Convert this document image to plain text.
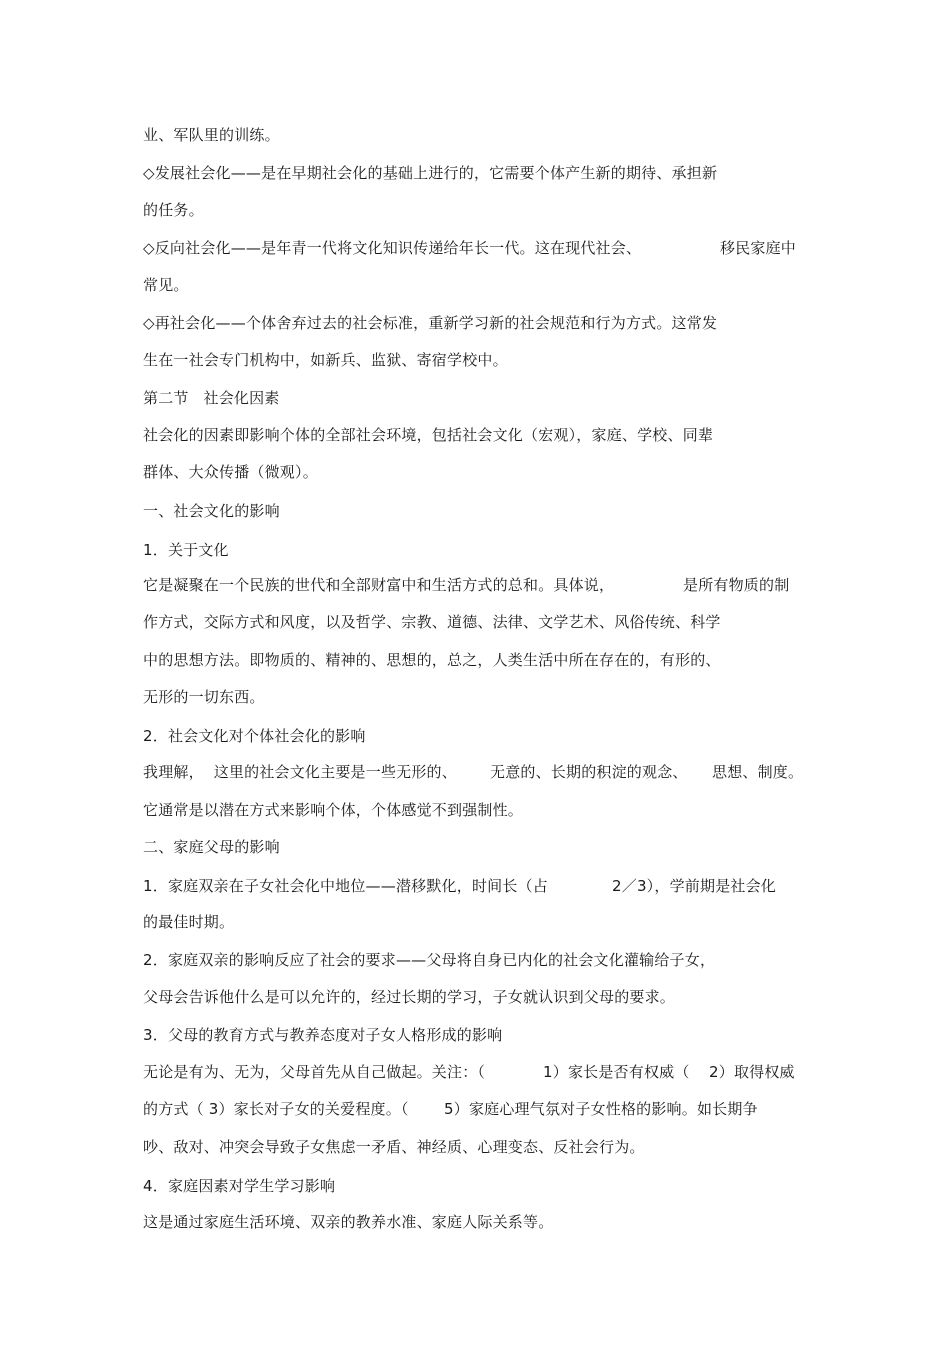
业、军队里的训练。
◇发展社会化——是在早期社会化的基础上进行的，它需要个体产生新的期待、承担新
的任务。
◇反向社会化——是年青一代将文化知识传递给年长一代。这在现代社会、	移民家庭中
常见。
◇再社会化——个体舍弃过去的社会标准，重新学习新的社会规范和行为方式。这常发
生在一社会专门机构中，如新兵、监狱、寄宿学校中。
第二节   社会化因素
社会化的因素即影响个体的全部社会环境，包括社会文化（宏观），家庭、学校、同辈
群体、大众传播（微观）。
一、社会文化的影响
1．关于文化
它是凝聚在一个民族的世代和全部财富中和生活方式的总和。具体说，	是所有物质的制
作方式，交际方式和风度，以及哲学、宗教、道德、法律、文学艺术、风俗传统、科学
中的思想方法。即物质的、精神的、思想的，总之，人类生活中所在存在的，有形的、
无形的一切东西。
2．社会文化对个体社会化的影响
我理解，  这里的社会文化主要是一些无形的、 无意的、长期的积淀的观念、 思想、制度。
它通常是以潜在方式来影响个体，个体感觉不到强制性。
二、家庭父母的影响
1．家庭双亲在子女社会化中地位——潜移默化，时间长（占	2／3），学前期是社会化
的最佳时期。
2．家庭双亲的影响反应了社会的要求——父母将自身已内化的社会文化灌输给子女，
父母会告诉他什么是可以允许的，经过长期的学习，子女就认识到父母的要求。
3．父母的教育方式与教养态度对子女人格形成的影响
无论是有为、无为，父母首先从自己做起。关注：（	1）家长是否有权威（ 2）取得权威
的方式（ 3）家长对子女的关爱程度。（ 5）家庭心理气氛对子女性格的影响。如长期争
吵、敌对、冲突会导致子女焦虑一矛盾、神经质、心理变态、反社会行为。
4．家庭因素对学生学习影响
这是通过家庭生活环境、双亲的教养水准、家庭人际关系等。
